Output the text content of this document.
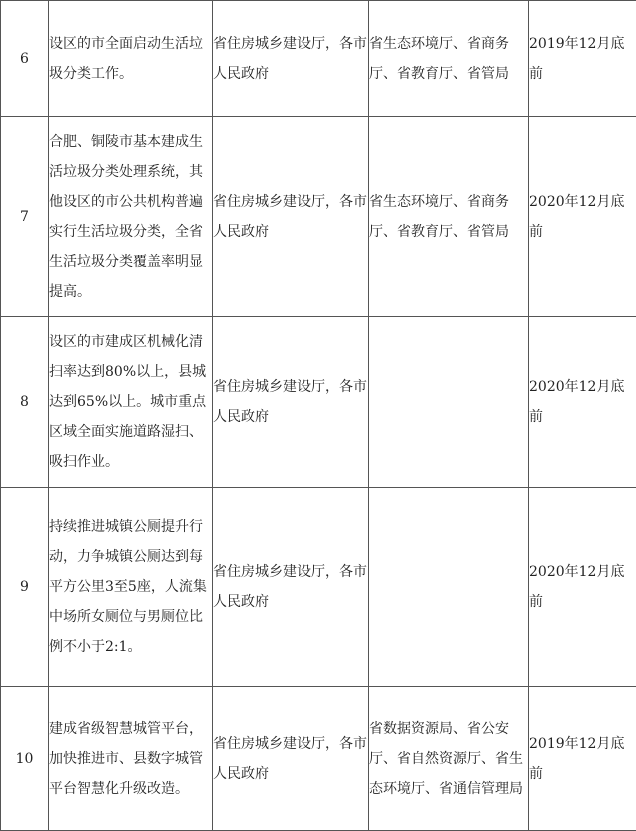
6	设区的市全面启动生活垃圾分类工作。	省住房城乡建设厅，各市人民政府	省生态环境厅、省商务厅、省教育厅、省管局	2019年12月底前
7	合肥、铜陵市基本建成生活垃圾分类处理系统，其他设区的市公共机构普遍实行生活垃圾分类，全省生活垃圾分类覆盖率明显提高。	省住房城乡建设厅，各市人民政府	省生态环境厅、省商务厅、省教育厅、省管局	2020年12月底前
8	设区的市建成区机械化清扫率达到80%以上，县城达到65%以上。城市重点区域全面实施道路湿扫、吸扫作业。	省住房城乡建设厅，各市人民政府		2020年12月底前
9	持续推进城镇公厕提升行动，力争城镇公厕达到每平方公里3至5座，人流集中场所女厕位与男厕位比例不小于2:1。	省住房城乡建设厅，各市人民政府		2020年12月底前
10	建成省级智慧城管平台，加快推进市、县数字城管平台智慧化升级改造。	省住房城乡建设厅，各市人民政府	省数据资源局、省公安厅、省自然资源厅、省生态环境厅、省通信管理局	2019年12月底前
